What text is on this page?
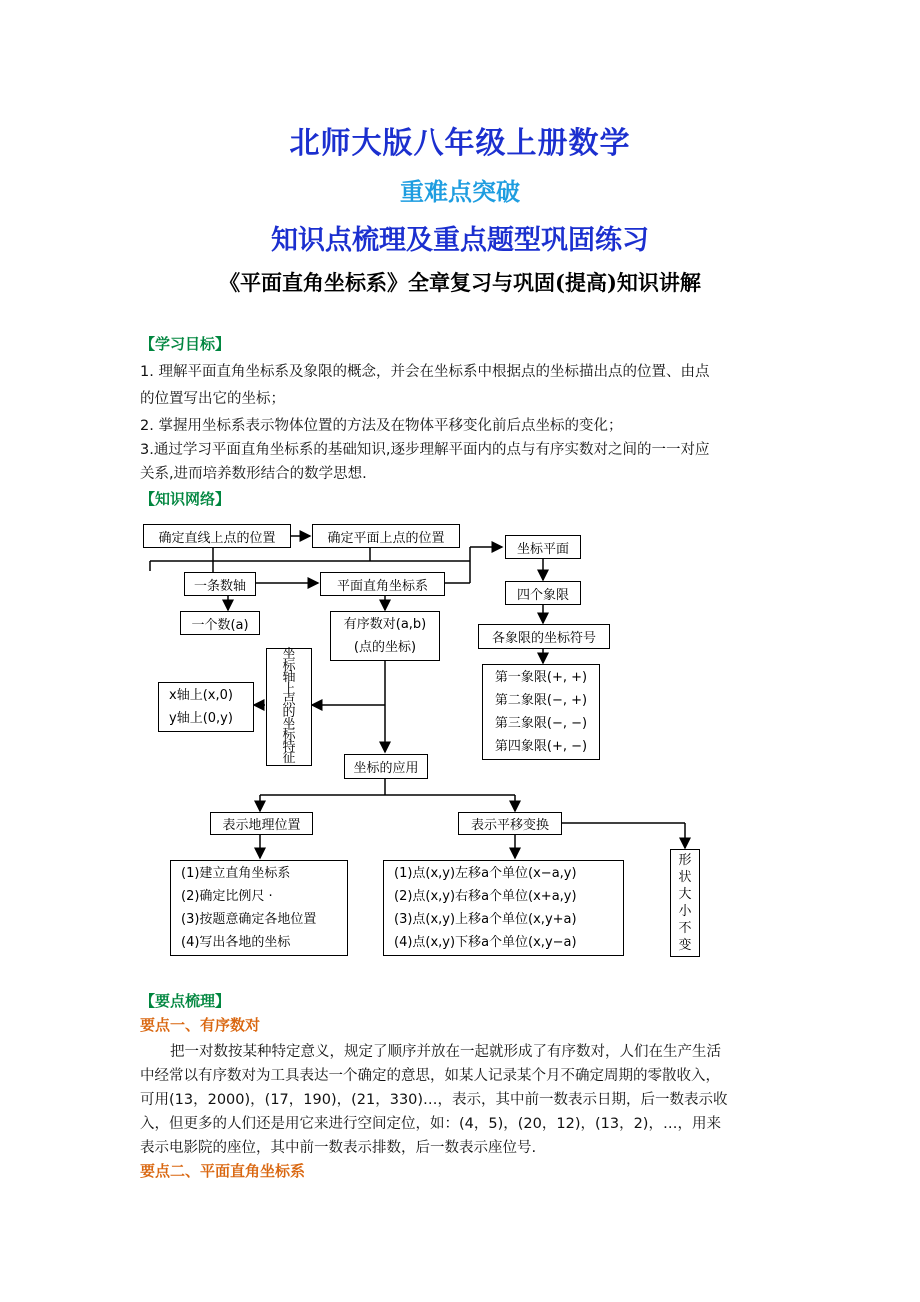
北师大版八年级上册数学
重难点突破
知识点梳理及重点题型巩固练习
《平面直角坐标系》全章复习与巩固(提高)知识讲解
【学习目标】
1. 理解平面直角坐标系及象限的概念，并会在坐标系中根据点的坐标描出点的位置、由点
的位置写出它的坐标；
2. 掌握用坐标系表示物体位置的方法及在物体平移变化前后点坐标的变化；
3.通过学习平面直角坐标系的基础知识,逐步理解平面内的点与有序实数对之间的一一对应
关系,进而培养数形结合的数学思想.
【知识网络】
确定直线上点的位置	确定平面上点的位置
一条数轴	平面直角坐标系
一个数(a)	有序数对(a,b)
(点的坐标)
坐标平面
四个象限
各象限的坐标符号
第一象限(+, +)
第二象限(−, +)
第三象限(−, −)
第四象限(+, −)
坐
标
轴
上
点
的
坐
标
特
征
x轴上(x,0)
y轴上(0,y)
坐标的应用
表示地理位置	表示平移变换
(1)建立直角坐标系
(2)确定比例尺 ·
(3)按题意确定各地位置
(4)写出各地的坐标
(1)点(x,y)左移a个单位(x−a,y)
(2)点(x,y)右移a个单位(x+a,y)
(3)点(x,y)上移a个单位(x,y+a)
(4)点(x,y)下移a个单位(x,y−a)
形
状
大
小
不
变
【要点梳理】
要点一、有序数对
把一对数按某种特定意义，规定了顺序并放在一起就形成了有序数对，人们在生产生活
中经常以有序数对为工具表达一个确定的意思，如某人记录某个月不确定周期的零散收入，
可用(13，2000)，(17，190)，(21，330)…，表示，其中前一数表示日期，后一数表示收
入，但更多的人们还是用它来进行空间定位，如：(4，5)，(20，12)，(13，2)，…，用来
表示电影院的座位，其中前一数表示排数，后一数表示座位号.
要点二、平面直角坐标系
